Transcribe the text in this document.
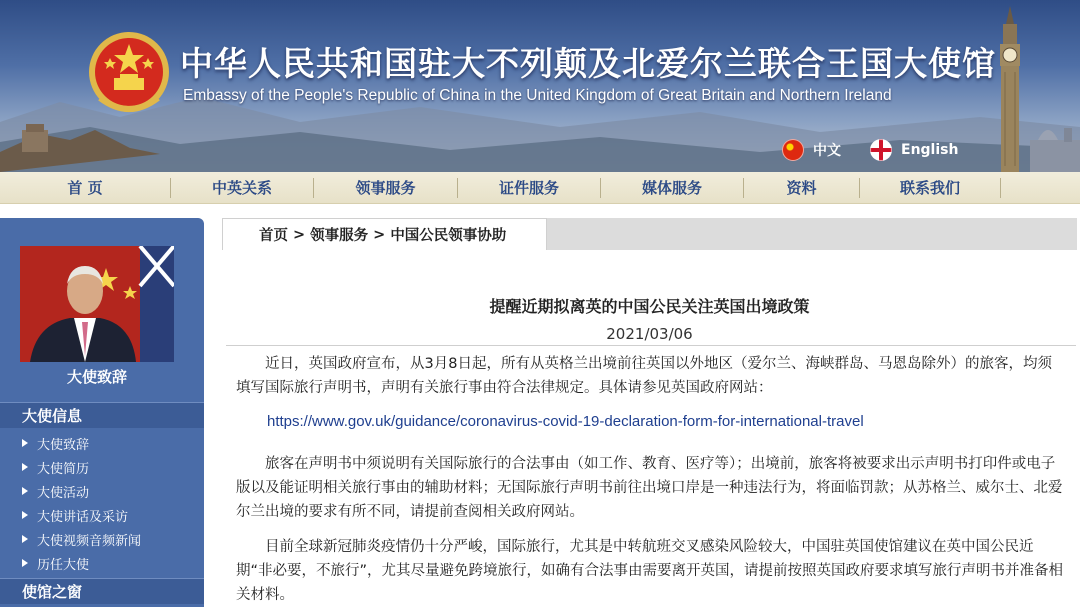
中华人民共和国驻大不列颠及北爱尔兰联合王国大使馆
Embassy of the People's Republic of China in the United Kingdom of Great Britain and Northern Ireland
中文	English
首 页	中英关系	领事服务	证件服务	媒体服务	资料	联系我们
大使致辞
大使信息
大使致辞
大使简历
大使活动
大使讲话及采访
大使视频音频新闻
历任大使
使馆之窗
首页 > 领事服务 > 中国公民领事协助
提醒近期拟离英的中国公民关注英国出境政策
2021/03/06
近日，英国政府宣布，从3月8日起，所有从英格兰出境前往英国以外地区（爱尔兰、海峡群岛、马恩岛除外）的旅客，均须填写国际旅行声明书，声明有关旅行事由符合法律规定。具体请参见英国政府网站：
https://www.gov.uk/guidance/coronavirus-covid-19-declaration-form-for-international-travel
旅客在声明书中须说明有关国际旅行的合法事由（如工作、教育、医疗等）；出境前，旅客将被要求出示声明书打印件或电子版以及能证明相关旅行事由的辅助材料；无国际旅行声明书前往出境口岸是一种违法行为，将面临罚款；从苏格兰、威尔士、北爱尔兰出境的要求有所不同，请提前查阅相关政府网站。
目前全球新冠肺炎疫情仍十分严峻，国际旅行，尤其是中转航班交叉感染风险较大，中国驻英国使馆建议在英中国公民近期“非必要，不旅行”，尤其尽量避免跨境旅行，如确有合法事由需要离开英国，请提前按照英国政府要求填写旅行声明书并准备相关材料。
